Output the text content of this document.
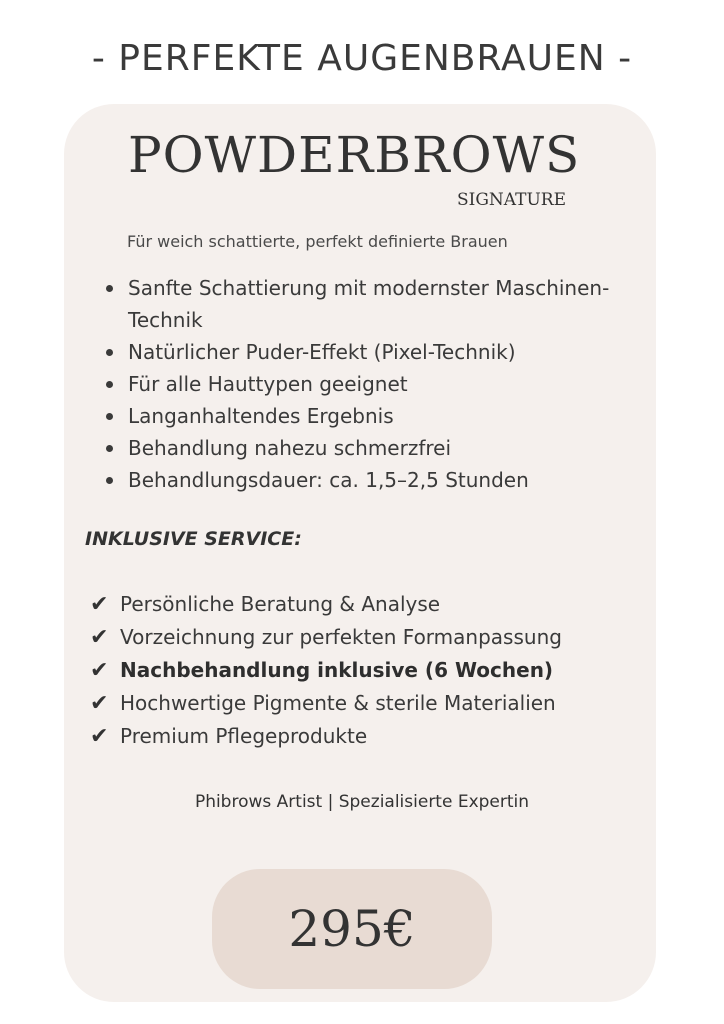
- PERFEKTE AUGENBRAUEN -
POWDERBROWS
SIGNATURE
Für weich schattierte, perfekt definierte Brauen
Sanfte Schattierung mit modernster Maschinen-Technik
Natürlicher Puder-Effekt (Pixel-Technik)
Für alle Hauttypen geeignet
Langanhaltendes Ergebnis
Behandlung nahezu schmerzfrei
Behandlungsdauer: ca. 1,5–2,5 Stunden
INKLUSIVE SERVICE:
✔ Persönliche Beratung & Analyse
✔ Vorzeichnung zur perfekten Formanpassung
✔ Nachbehandlung inklusive (6 Wochen)
✔ Hochwertige Pigmente & sterile Materialien
✔ Premium Pflegeprodukte
Phibrows Artist | Spezialisierte Expertin
295€
